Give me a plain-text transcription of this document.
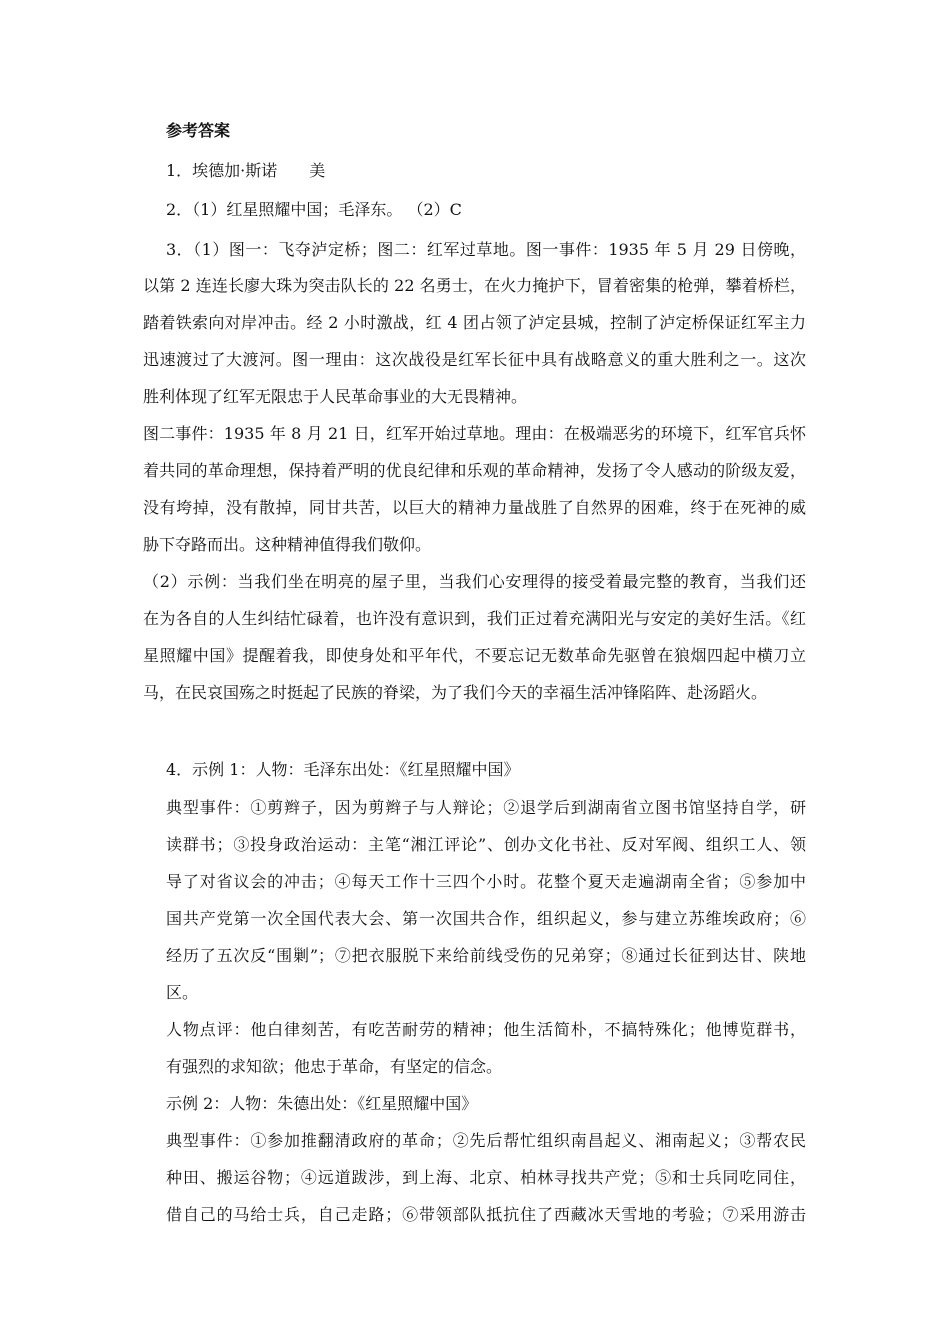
参考答案
1．埃德加·斯诺　　美
2．（1）红星照耀中国；毛泽东。 （2）C
3．（1）图一：飞夺泸定桥；图二：红军过草地。图一事件：1935 年 5 月 29 日傍晚，
以第 2 连连长廖大珠为突击队长的 22 名勇士，在火力掩护下，冒着密集的枪弹，攀着桥栏，
踏着铁索向对岸冲击。经 2 小时激战，红 4 团占领了泸定县城，控制了泸定桥保证红军主力
迅速渡过了大渡河。图一理由：这次战役是红军长征中具有战略意义的重大胜利之一。这次
胜利体现了红军无限忠于人民革命事业的大无畏精神。
图二事件：1935 年 8 月 21 日，红军开始过草地。理由：在极端恶劣的环境下，红军官兵怀
着共同的革命理想，保持着严明的优良纪律和乐观的革命精神，发扬了令人感动的阶级友爱，
没有垮掉，没有散掉，同甘共苦，以巨大的精神力量战胜了自然界的困难，终于在死神的威
胁下夺路而出。这种精神值得我们敬仰。
（2）示例：当我们坐在明亮的屋子里，当我们心安理得的接受着最完整的教育，当我们还
在为各自的人生纠结忙碌着，也许没有意识到，我们正过着充满阳光与安定的美好生活。《红
星照耀中国》提醒着我，即使身处和平年代，不要忘记无数革命先驱曾在狼烟四起中横刀立
马，在民哀国殇之时挺起了民族的脊梁，为了我们今天的幸福生活冲锋陷阵、赴汤蹈火。
4．示例 1：人物：毛泽东出处：《红星照耀中国》
典型事件：①剪辫子，因为剪辫子与人辩论；②退学后到湖南省立图书馆坚持自学，研
读群书；③投身政治运动：主笔“湘江评论”、创办文化书社、反对军阀、组织工人、领
导了对省议会的冲击；④每天工作十三四个小时。花整个夏天走遍湖南全省；⑤参加中
国共产党第一次全国代表大会、第一次国共合作，组织起义，参与建立苏维埃政府；⑥
经历了五次反“围剿”；⑦把衣服脱下来给前线受伤的兄弟穿；⑧通过长征到达甘、陕地
区。
人物点评：他白律刻苦，有吃苦耐劳的精神；他生活简朴，不搞特殊化；他博览群书，
有强烈的求知欲；他忠于革命，有坚定的信念。
示例 2：人物：朱德出处：《红星照耀中国》
典型事件：①参加推翻清政府的革命；②先后帮忙组织南昌起义、湘南起义；③帮农民
种田、搬运谷物；④远道跋涉，到上海、北京、柏林寻找共产党；⑤和士兵同吃同住，
借自己的马给士兵，自己走路；⑥带领部队抵抗住了西藏冰天雪地的考验；⑦采用游击
